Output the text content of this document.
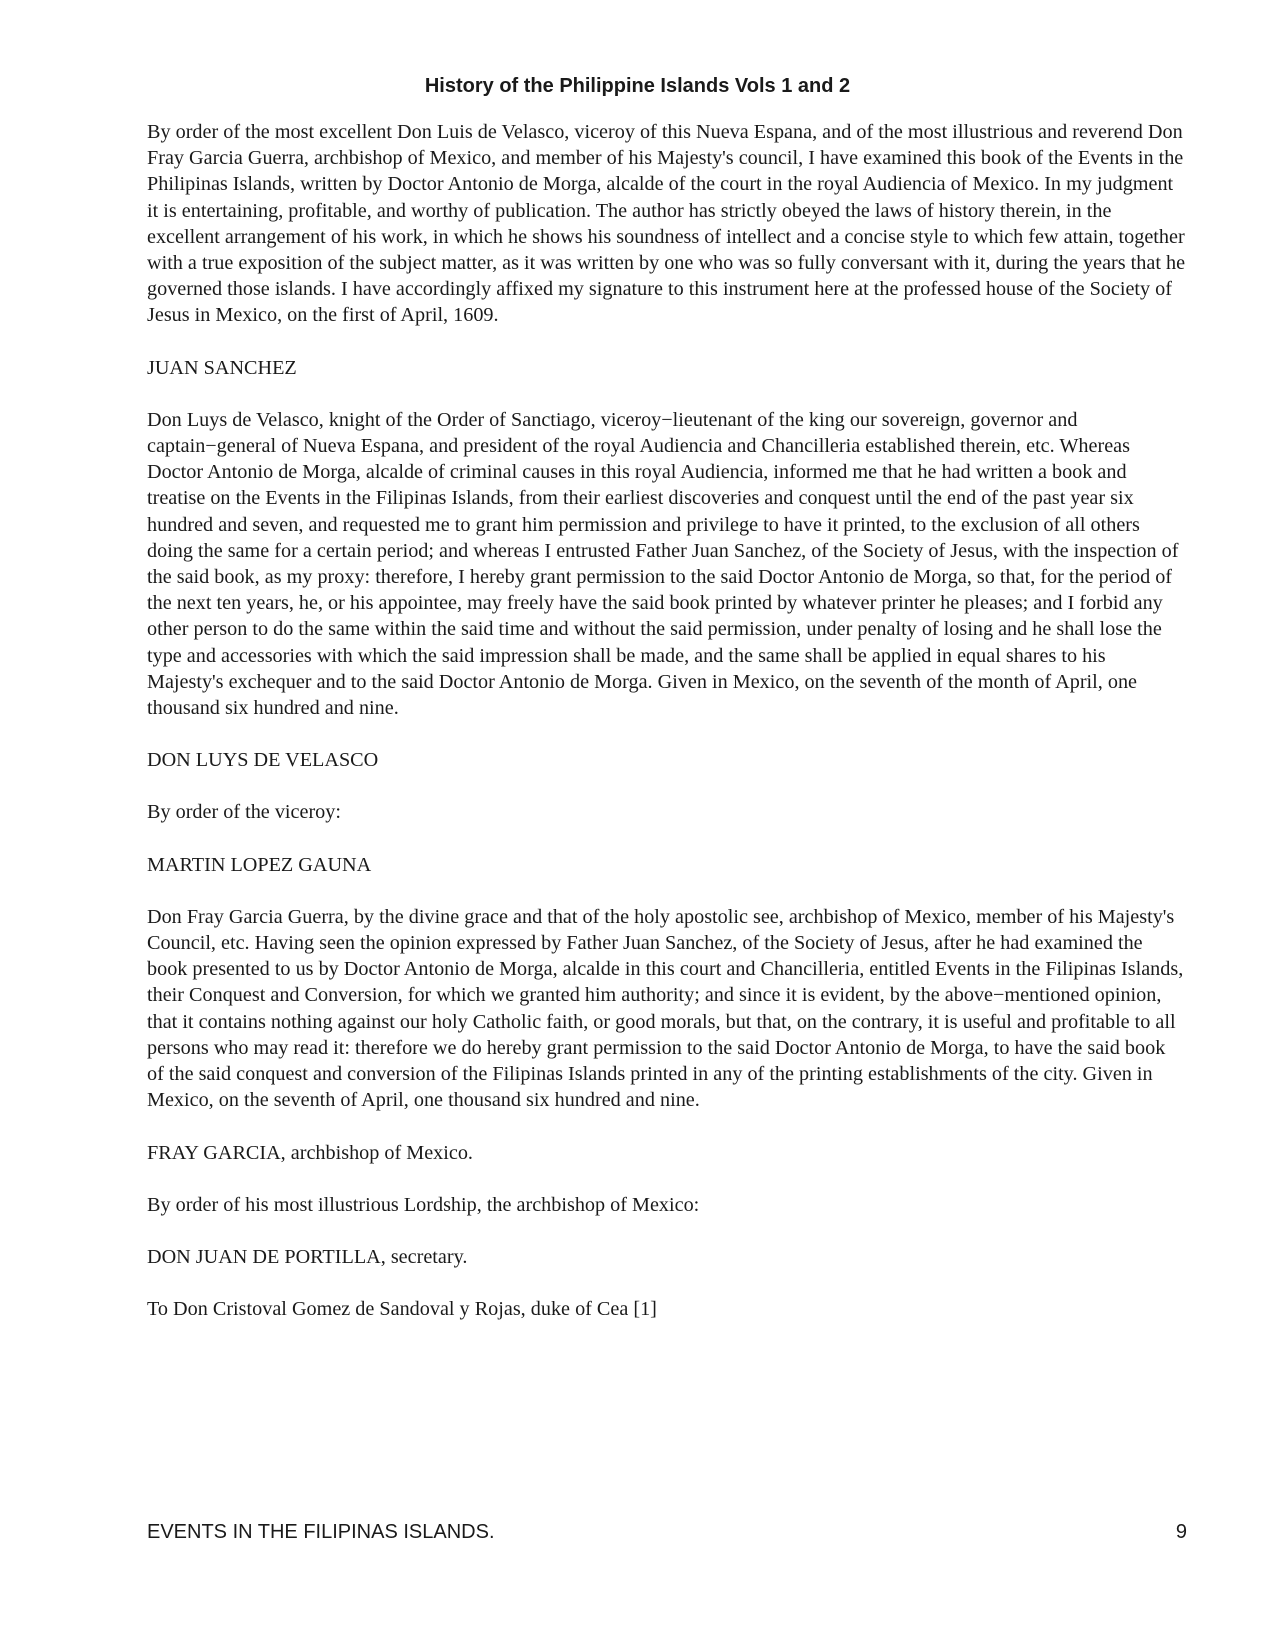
History of the Philippine Islands Vols 1 and 2

By order of the most excellent Don Luis de Velasco, viceroy of this Nueva Espana, and of the most illustrious and reverend Don Fray Garcia Guerra, archbishop of Mexico, and member of his Majesty's council, I have examined this book of the Events in the Philipinas Islands, written by Doctor Antonio de Morga, alcalde of the court in the royal Audiencia of Mexico. In my judgment it is entertaining, profitable, and worthy of publication. The author has strictly obeyed the laws of history therein, in the excellent arrangement of his work, in which he shows his soundness of intellect and a concise style to which few attain, together with a true exposition of the subject matter, as it was written by one who was so fully conversant with it, during the years that he governed those islands. I have accordingly affixed my signature to this instrument here at the professed house of the Society of Jesus in Mexico, on the first of April, 1609.

JUAN SANCHEZ

Don Luys de Velasco, knight of the Order of Sanctiago, viceroy−lieutenant of the king our sovereign, governor and captain−general of Nueva Espana, and president of the royal Audiencia and Chancilleria established therein, etc. Whereas Doctor Antonio de Morga, alcalde of criminal causes in this royal Audiencia, informed me that he had written a book and treatise on the Events in the Filipinas Islands, from their earliest discoveries and conquest until the end of the past year six hundred and seven, and requested me to grant him permission and privilege to have it printed, to the exclusion of all others doing the same for a certain period; and whereas I entrusted Father Juan Sanchez, of the Society of Jesus, with the inspection of the said book, as my proxy: therefore, I hereby grant permission to the said Doctor Antonio de Morga, so that, for the period of the next ten years, he, or his appointee, may freely have the said book printed by whatever printer he pleases; and I forbid any other person to do the same within the said time and without the said permission, under penalty of losing and he shall lose the type and accessories with which the said impression shall be made, and the same shall be applied in equal shares to his Majesty's exchequer and to the said Doctor Antonio de Morga. Given in Mexico, on the seventh of the month of April, one thousand six hundred and nine.

DON LUYS DE VELASCO

By order of the viceroy:

MARTIN LOPEZ GAUNA

Don Fray Garcia Guerra, by the divine grace and that of the holy apostolic see, archbishop of Mexico, member of his Majesty's Council, etc. Having seen the opinion expressed by Father Juan Sanchez, of the Society of Jesus, after he had examined the book presented to us by Doctor Antonio de Morga, alcalde in this court and Chancilleria, entitled Events in the Filipinas Islands, their Conquest and Conversion, for which we granted him authority; and since it is evident, by the above−mentioned opinion, that it contains nothing against our holy Catholic faith, or good morals, but that, on the contrary, it is useful and profitable to all persons who may read it: therefore we do hereby grant permission to the said Doctor Antonio de Morga, to have the said book of the said conquest and conversion of the Filipinas Islands printed in any of the printing establishments of the city. Given in Mexico, on the seventh of April, one thousand six hundred and nine.

FRAY GARCIA, archbishop of Mexico.

By order of his most illustrious Lordship, the archbishop of Mexico:

DON JUAN DE PORTILLA, secretary.

To Don Cristoval Gomez de Sandoval y Rojas, duke of Cea [1]

EVENTS IN THE FILIPINAS ISLANDS.	9
